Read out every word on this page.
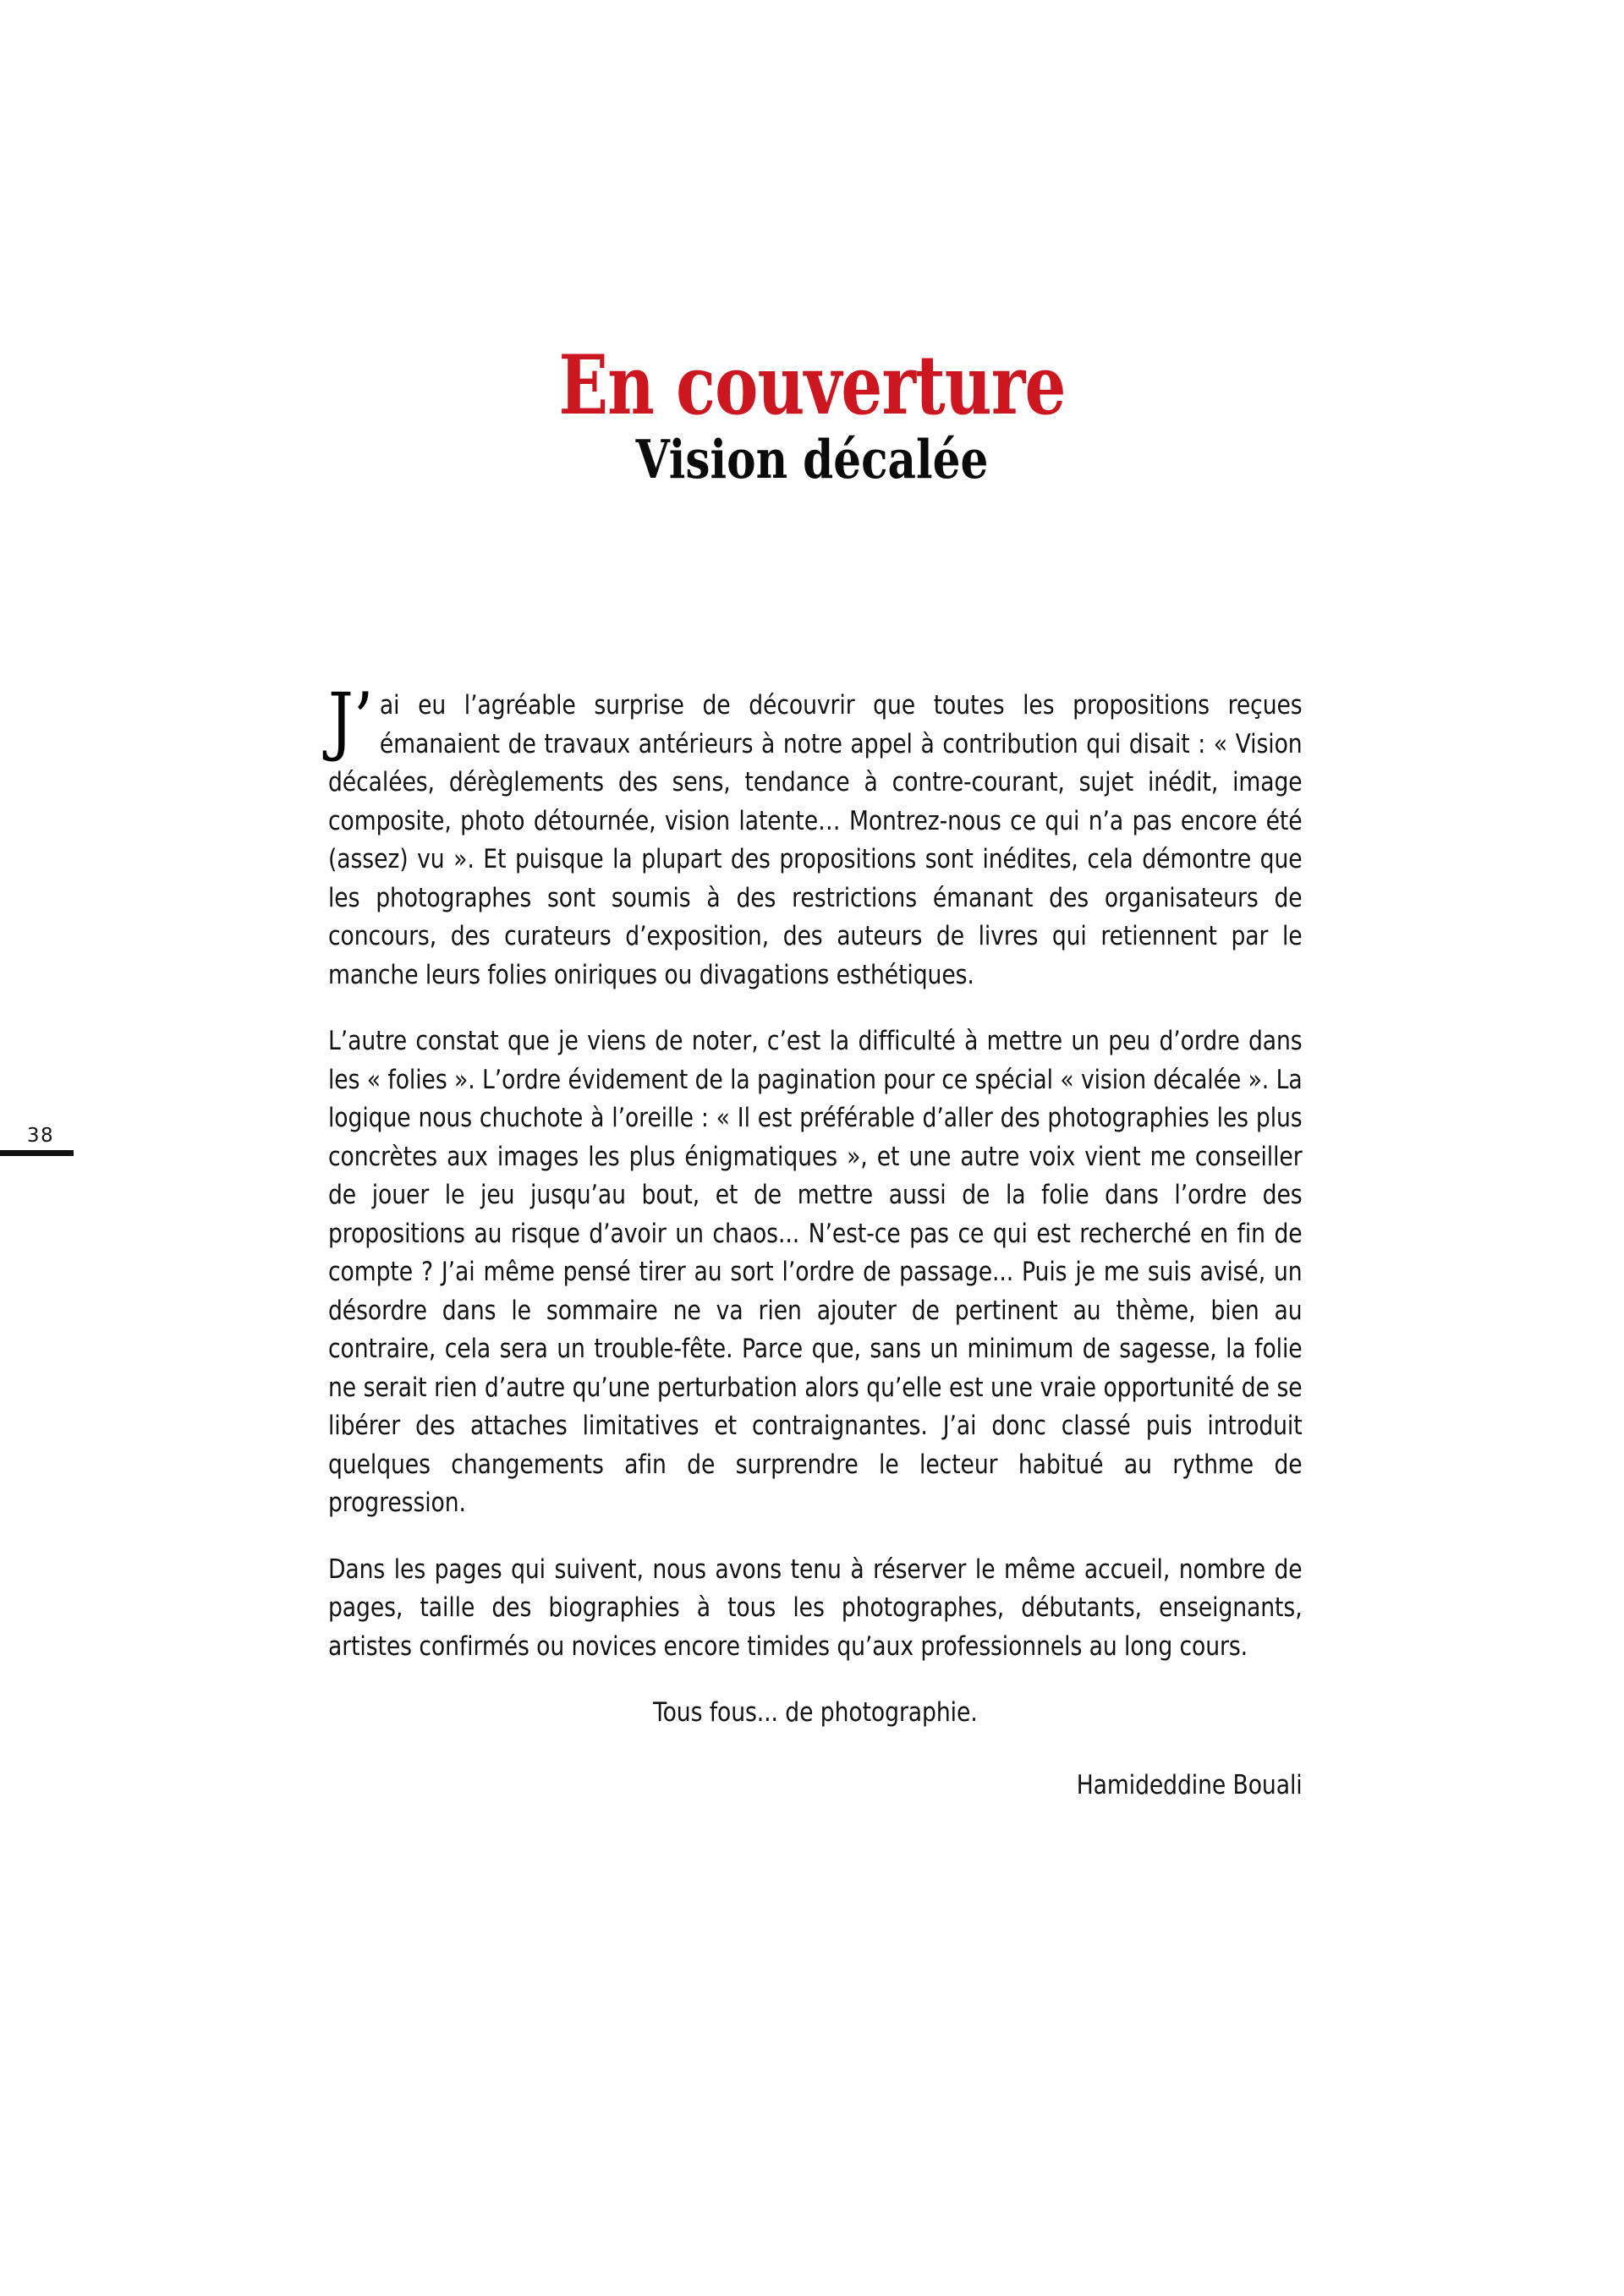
38
En couverture
Vision décalée

J’ai eu l’agréable surprise de découvrir que toutes les propositions reçues émanaient de travaux antérieurs à notre appel à contribution qui disait : « Vision décalées, dérèglements des sens, tendance à contre-courant, sujet inédit, image composite, photo détournée, vision latente… Montrez-nous ce qui n’a pas encore été (assez) vu ». Et puisque la plupart des propositions sont inédites, cela démontre que les photographes sont soumis à des restrictions émanant des organisateurs de concours, des curateurs d’exposition, des auteurs de livres qui retiennent par le manche leurs folies oniriques ou divagations esthétiques.

L’autre constat que je viens de noter, c’est la difficulté à mettre un peu d’ordre dans les « folies ». L’ordre évidement de la pagination pour ce spécial « vision décalée ». La logique nous chuchote à l’oreille : « Il est préférable d’aller des photographies les plus concrètes aux images les plus énigmatiques », et une autre voix vient me conseiller de jouer le jeu jusqu’au bout, et de mettre aussi de la folie dans l’ordre des propositions au risque d’avoir un chaos... N’est-ce pas ce qui est recherché en fin de compte ? J’ai même pensé tirer au sort l’ordre de passage... Puis je me suis avisé, un désordre dans le sommaire ne va rien ajouter de pertinent au thème, bien au contraire, cela sera un trouble-fête. Parce que, sans un minimum de sagesse, la folie ne serait rien d’autre qu’une perturbation alors qu’elle est une vraie opportunité de se libérer des attaches limitatives et contraignantes. J’ai donc classé puis introduit quelques changements afin de surprendre le lecteur habitué au rythme de progression.

Dans les pages qui suivent, nous avons tenu à réserver le même accueil, nombre de pages, taille des biographies à tous les photographes, débutants, enseignants, artistes confirmés ou novices encore timides qu’aux professionnels au long cours.

Tous fous... de photographie.

Hamideddine Bouali
